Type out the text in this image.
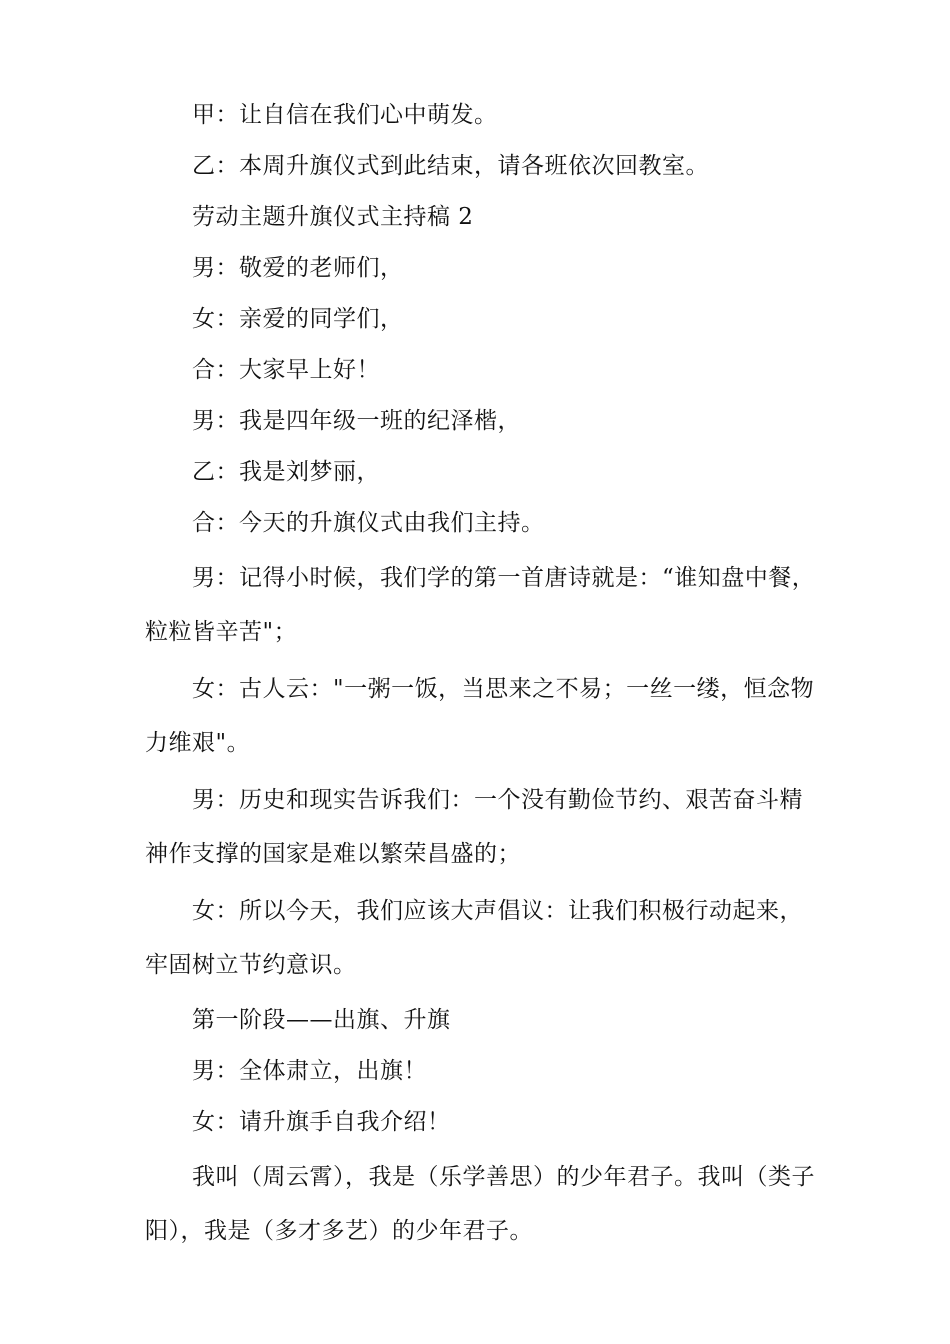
甲：让自信在我们心中萌发。

乙：本周升旗仪式到此结束，请各班依次回教室。

劳动主题升旗仪式主持稿 2

男：敬爱的老师们，

女：亲爱的同学们，

合：大家早上好！

男：我是四年级一班的纪泽楷，

乙：我是刘梦丽，

合：今天的升旗仪式由我们主持。

男：记得小时候，我们学的第一首唐诗就是：“谁知盘中餐，粒粒皆辛苦"；

女：古人云："一粥一饭，当思来之不易；一丝一缕，恒念物力维艰"。

男：历史和现实告诉我们：一个没有勤俭节约、艰苦奋斗精神作支撑的国家是难以繁荣昌盛的；

女：所以今天，我们应该大声倡议：让我们积极行动起来，牢固树立节约意识。

第一阶段——出旗、升旗

男：全体肃立，出旗！

女：请升旗手自我介绍！

我叫（周云霄），我是（乐学善思）的少年君子。我叫（类子阳），我是（多才多艺）的少年君子。
